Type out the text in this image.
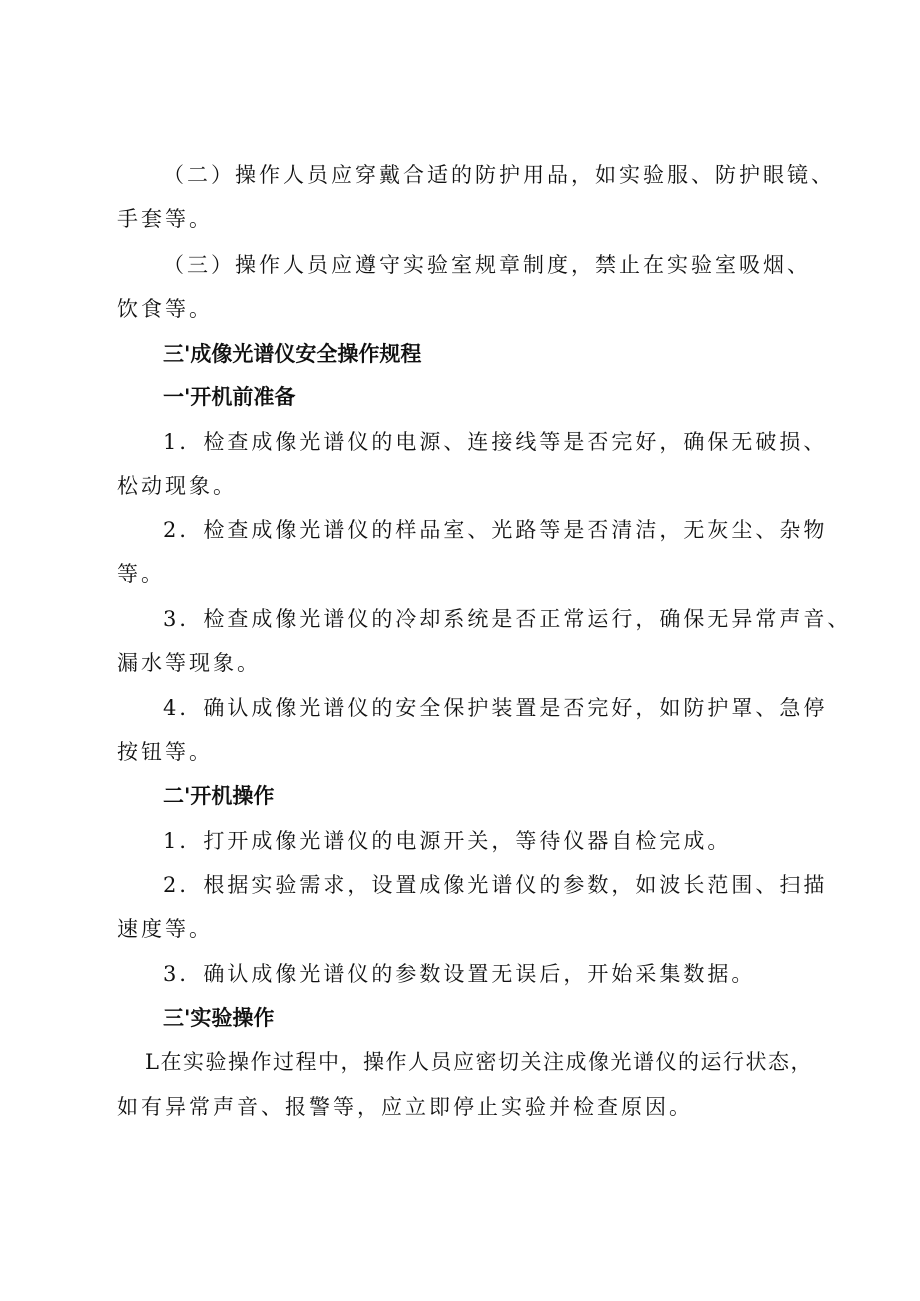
（二）操作人员应穿戴合适的防护用品，如实验服、防护眼镜、
手套等。
（三）操作人员应遵守实验室规章制度，禁止在实验室吸烟、
饮食等。
三'成像光谱仪安全操作规程
一'开机前准备
1．检查成像光谱仪的电源、连接线等是否完好，确保无破损、
松动现象。
2．检查成像光谱仪的样品室、光路等是否清洁，无灰尘、杂物
等。
3．检查成像光谱仪的冷却系统是否正常运行，确保无异常声音、
漏水等现象。
4．确认成像光谱仪的安全保护装置是否完好，如防护罩、急停
按钮等。
二'开机操作
1．打开成像光谱仪的电源开关，等待仪器自检完成。
2．根据实验需求，设置成像光谱仪的参数，如波长范围、扫描
速度等。
3．确认成像光谱仪的参数设置无误后，开始采集数据。
三'实验操作
L在实验操作过程中，操作人员应密切关注成像光谱仪的运行状态，
如有异常声音、报警等，应立即停止实验并检查原因。
